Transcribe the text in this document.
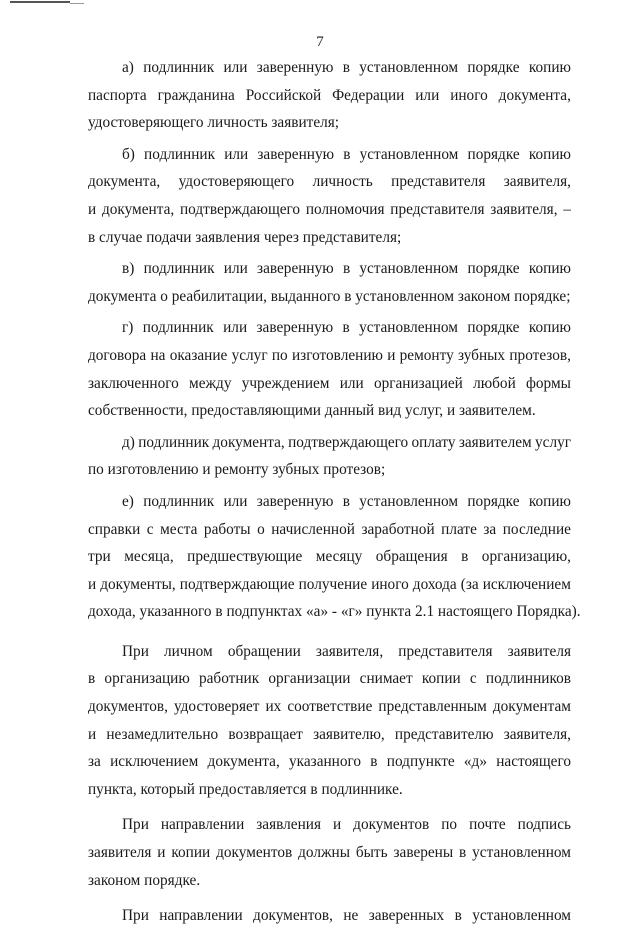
7
а) подлинник или заверенную в установленном порядке копию
паспорта гражданина Российской Федерации или иного документа,
удостоверяющего личность заявителя;
б) подлинник или заверенную в установленном порядке копию
документа, удостоверяющего личность представителя заявителя,
и документа, подтверждающего полномочия представителя заявителя, –
в случае подачи заявления через представителя;
в) подлинник или заверенную в установленном порядке копию
документа о реабилитации, выданного в установленном законом порядке;
г) подлинник или заверенную в установленном порядке копию
договора на оказание услуг по изготовлению и ремонту зубных протезов,
заключенного между учреждением или организацией любой формы
собственности, предоставляющими данный вид услуг, и заявителем.
д) подлинник документа, подтверждающего оплату заявителем услуг
по изготовлению и ремонту зубных протезов;
е) подлинник или заверенную в установленном порядке копию
справки с места работы о начисленной заработной плате за последние
три месяца, предшествующие месяцу обращения в организацию,
и документы, подтверждающие получение иного дохода (за исключением
дохода, указанного в подпунктах «а» - «г» пункта 2.1 настоящего Порядка).
При личном обращении заявителя, представителя заявителя
в организацию работник организации снимает копии с подлинников
документов, удостоверяет их соответствие представленным документам
и незамедлительно возвращает заявителю, представителю заявителя,
за исключением документа, указанного в подпункте «д» настоящего
пункта, который предоставляется в подлиннике.
При направлении заявления и документов по почте подпись
заявителя и копии документов должны быть заверены в установленном
законом порядке.
При направлении документов, не заверенных в установленном
